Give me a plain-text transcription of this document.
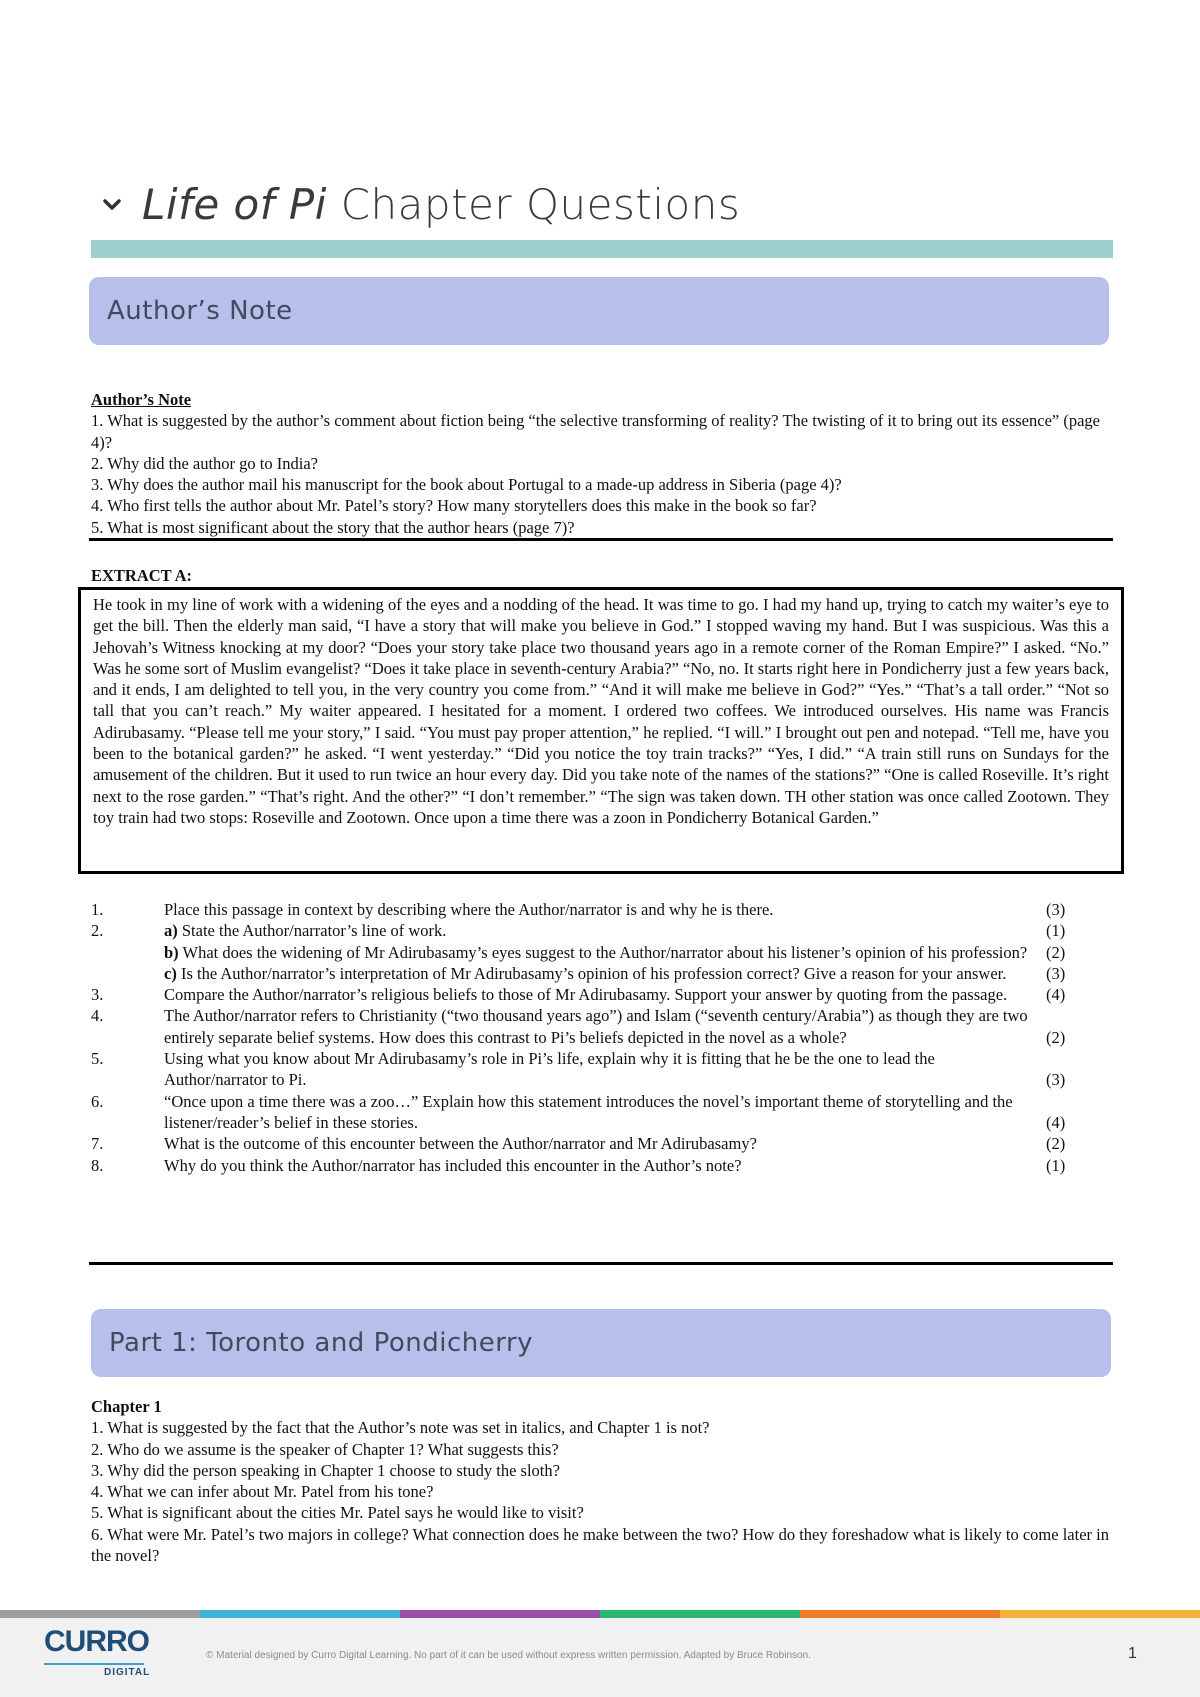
Life of Pi Chapter Questions
Author’s Note
Author’s Note
1. What is suggested by the author’s comment about fiction being “the selective transforming of reality? The twisting of it to bring out its essence” (page 4)?
2. Why did the author go to India?
3. Why does the author mail his manuscript for the book about Portugal to a made-up address in Siberia (page 4)?
4. Who first tells the author about Mr. Patel’s story? How many storytellers does this make in the book so far?
5. What is most significant about the story that the author hears (page 7)?
EXTRACT A:
He took in my line of work with a widening of the eyes and a nodding of the head. It was time to go. I had my hand up, trying to catch my waiter’s eye to get the bill. Then the elderly man said, “I have a story that will make you believe in God.” I stopped waving my hand. But I was suspicious. Was this a Jehovah’s Witness knocking at my door? “Does your story take place two thousand years ago in a remote corner of the Roman Empire?” I asked. “No.” Was he some sort of Muslim evangelist? “Does it take place in seventh-century Arabia?” “No, no. It starts right here in Pondicherry just a few years back, and it ends, I am delighted to tell you, in the very country you come from.” “And it will make me believe in God?” “Yes.” “That’s a tall order.” “Not so tall that you can’t reach.” My waiter appeared. I hesitated for a moment. I ordered two coffees. We introduced ourselves. His name was Francis Adirubasamy. “Please tell me your story,” I said. “You must pay proper attention,” he replied. “I will.” I brought out pen and notepad. “Tell me, have you been to the botanical garden?” he asked. “I went yesterday.” “Did you notice the toy train tracks?” “Yes, I did.” “A train still runs on Sundays for the amusement of the children. But it used to run twice an hour every day. Did you take note of the names of the stations?” “One is called Roseville. It’s right next to the rose garden.” “That’s right. And the other?” “I don’t remember.” “The sign was taken down. TH other station was once called Zootown. They toy train had two stops: Roseville and Zootown. Once upon a time there was a zoon in Pondicherry Botanical Garden.”
1.	Place this passage in context by describing where the Author/narrator is and why he is there.	(3)
2.	a) State the Author/narrator’s line of work.	(1)
b) What does the widening of Mr Adirubasamy’s eyes suggest to the Author/narrator about his listener’s opinion of his profession?	(2)
c) Is the Author/narrator’s interpretation of Mr Adirubasamy’s opinion of his profession correct? Give a reason for your answer.	(3)
3.	Compare the Author/narrator’s religious beliefs to those of Mr Adirubasamy. Support your answer by quoting from the passage.	(4)
4.	The Author/narrator refers to Christianity (“two thousand years ago”) and Islam (“seventh century/Arabia”) as though they are two entirely separate belief systems. How does this contrast to Pi’s beliefs depicted in the novel as a whole?	(2)
5.	Using what you know about Mr Adirubasamy’s role in Pi’s life, explain why it is fitting that he be the one to lead the Author/narrator to Pi.	(3)
6.	“Once upon a time there was a zoo…” Explain how this statement introduces the novel’s important theme of storytelling and the listener/reader’s belief in these stories.	(4)
7.	What is the outcome of this encounter between the Author/narrator and Mr Adirubasamy?	(2)
8.	Why do you think the Author/narrator has included this encounter in the Author’s note?	(1)
Part 1: Toronto and Pondicherry
Chapter 1
1. What is suggested by the fact that the Author’s note was set in italics, and Chapter 1 is not?
2. Who do we assume is the speaker of Chapter 1? What suggests this?
3. Why did the person speaking in Chapter 1 choose to study the sloth?
4. What we can infer about Mr. Patel from his tone?
5. What is significant about the cities Mr. Patel says he would like to visit?
6. What were Mr. Patel’s two majors in college? What connection does he make between the two? How do they foreshadow what is likely to come later in the novel?
CURRO
DIGITAL
© Material designed by Curro Digital Learning. No part of it can be used without express written permission. Adapted by Bruce Robinson.	1
